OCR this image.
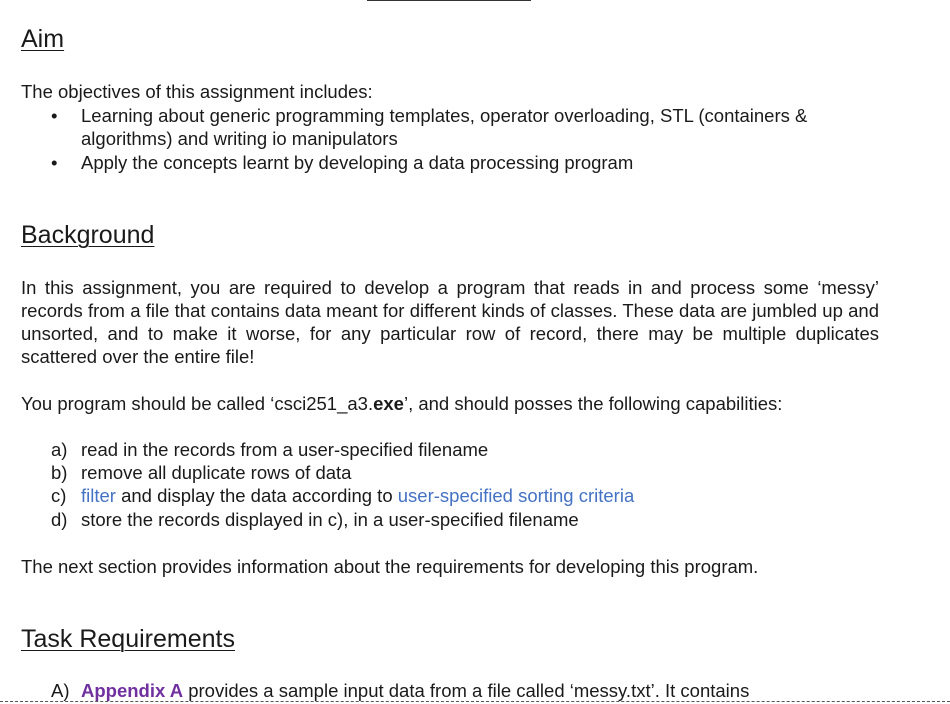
Aim

The objectives of this assignment includes:

•	Learning about generic programming templates, operator overloading, STL (containers & algorithms) and writing io manipulators
•	Apply the concepts learnt by developing a data processing program
Background

In this assignment, you are required to develop a program that reads in and process some ‘messy’ records from a file that contains data meant for different kinds of classes. These data are jumbled up and unsorted, and to make it worse, for any particular row of record, there may be multiple duplicates scattered over the entire file!

You program should be called ‘csci251_a3.exe’, and should posses the following capabilities:

a) read in the records from a user-specified filename
b) remove all duplicate rows of data
c) filter and display the data according to user-specified sorting criteria
d) store the records displayed in c), in a user-specified filename

The next section provides information about the requirements for developing this program.

Task Requirements
A) Appendix A provides a sample input data from a file called ‘messy.txt’. It contains
